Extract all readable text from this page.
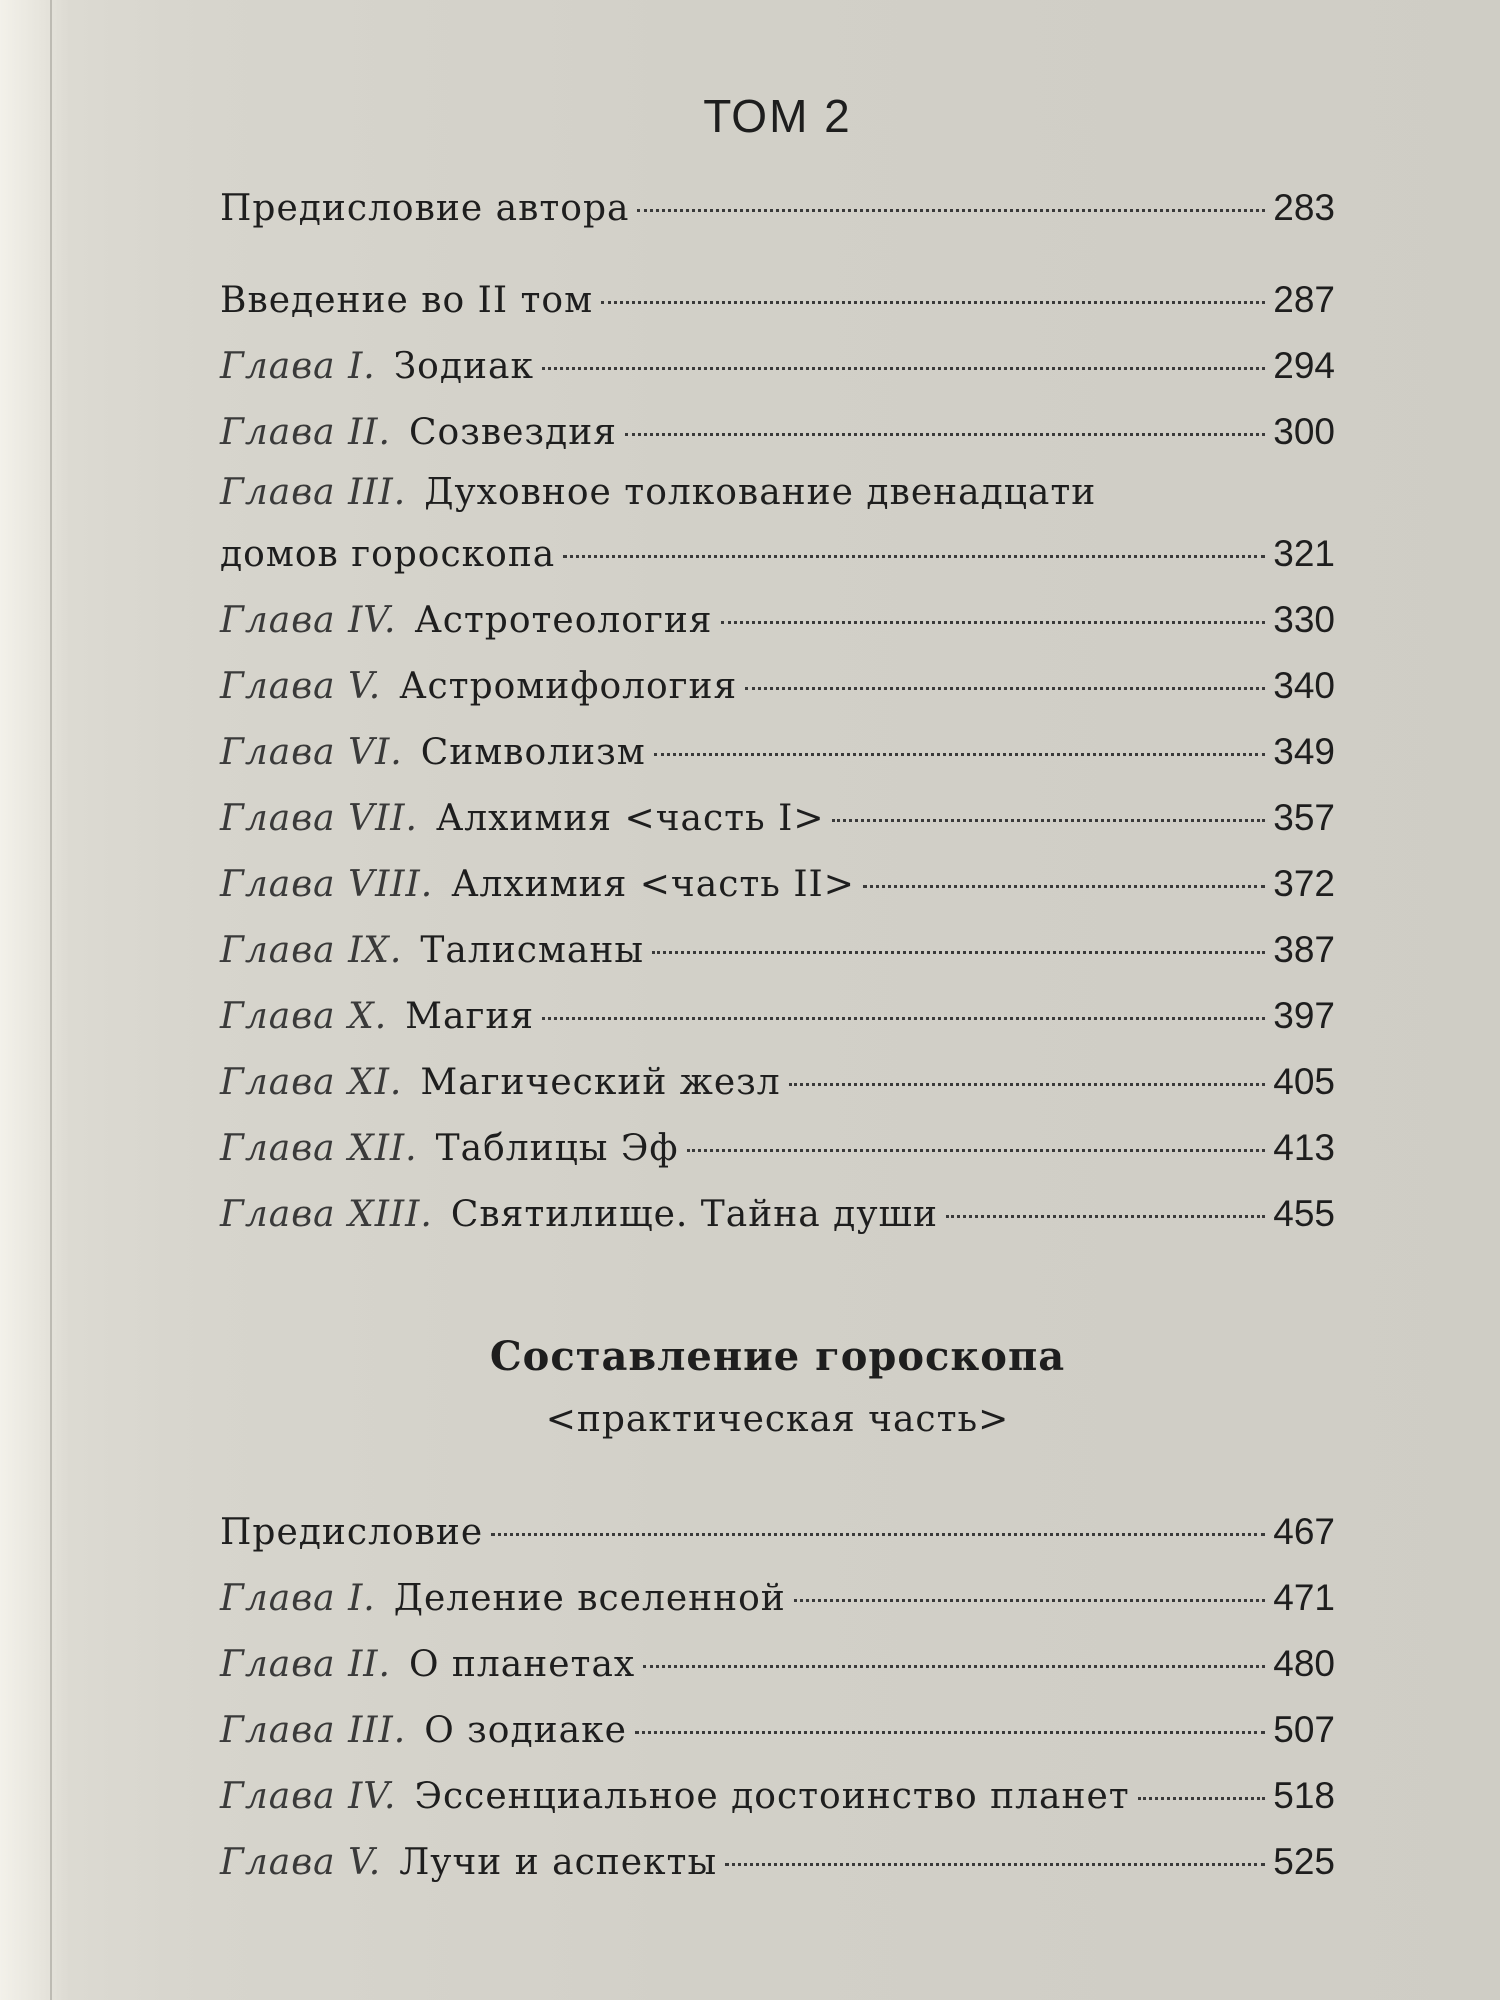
ТОМ 2
Предисловие автора	283
Введение во II том	287
Глава I. Зодиак	294
Глава II. Созвездия	300
Глава III. Духовное толкование двенадцати
домов гороскопа	321
Глава IV. Астротеология	330
Глава V. Астромифология	340
Глава VI. Символизм	349
Глава VII. Алхимия <часть I>	357
Глава VIII. Алхимия <часть II>	372
Глава IX. Талисманы	387
Глава X. Магия	397
Глава XI. Магический жезл	405
Глава XII. Таблицы Эф	413
Глава XIII. Святилище. Тайна души	455
Составление гороскопа
<практическая часть>
Предисловие	467
Глава I. Деление вселенной	471
Глава II. О планетах	480
Глава III. О зодиаке	507
Глава IV. Эссенциальное достоинство планет	518
Глава V. Лучи и аспекты	525
